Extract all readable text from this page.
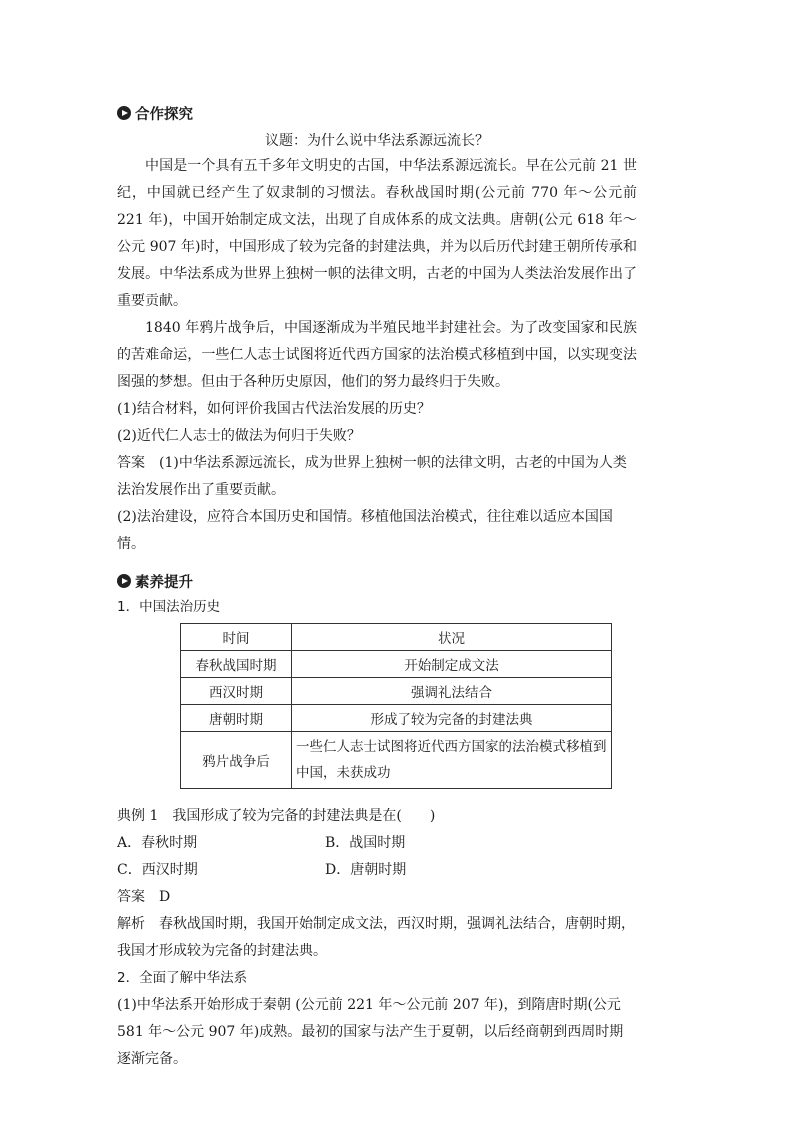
合作探究

议题：为什么说中华法系源远流长？

中国是一个具有五千多年文明史的古国，中华法系源远流长。早在公元前 21 世纪，中国就已经产生了奴隶制的习惯法。春秋战国时期(公元前 770 年～公元前 221 年)，中国开始制定成文法，出现了自成体系的成文法典。唐朝(公元 618 年～公元 907 年)时，中国形成了较为完备的封建法典，并为以后历代封建王朝所传承和发展。中华法系成为世界上独树一帜的法律文明，古老的中国为人类法治发展作出了重要贡献。

1840 年鸦片战争后，中国逐渐成为半殖民地半封建社会。为了改变国家和民族的苦难命运，一些仁人志士试图将近代西方国家的法治模式移植到中国，以实现变法图强的梦想。但由于各种历史原因，他们的努力最终归于失败。

(1)结合材料，如何评价我国古代法治发展的历史？

(2)近代仁人志士的做法为何归于失败？

答案 (1)中华法系源远流长，成为世界上独树一帜的法律文明，古老的中国为人类法治发展作出了重要贡献。

(2)法治建设，应符合本国历史和国情。移植他国法治模式，往往难以适应本国国情。

素养提升

1．中国法治历史

时间	状况
春秋战国时期	开始制定成文法
西汉时期	强调礼法结合
唐朝时期	形成了较为完备的封建法典
鸦片战争后	一些仁人志士试图将近代西方国家的法治模式移植到中国，未获成功

典例 1 我国形成了较为完备的封建法典是在(　　)

A．春秋时期	B．战国时期
C．西汉时期	D．唐朝时期

答案 D

解析 春秋战国时期，我国开始制定成文法，西汉时期，强调礼法结合，唐朝时期，我国才形成较为完备的封建法典。

2．全面了解中华法系

(1)中华法系开始形成于秦朝 (公元前 221 年～公元前 207 年)，到隋唐时期(公元 581 年～公元 907 年)成熟。最初的国家与法产生于夏朝，以后经商朝到西周时期逐渐完备。
